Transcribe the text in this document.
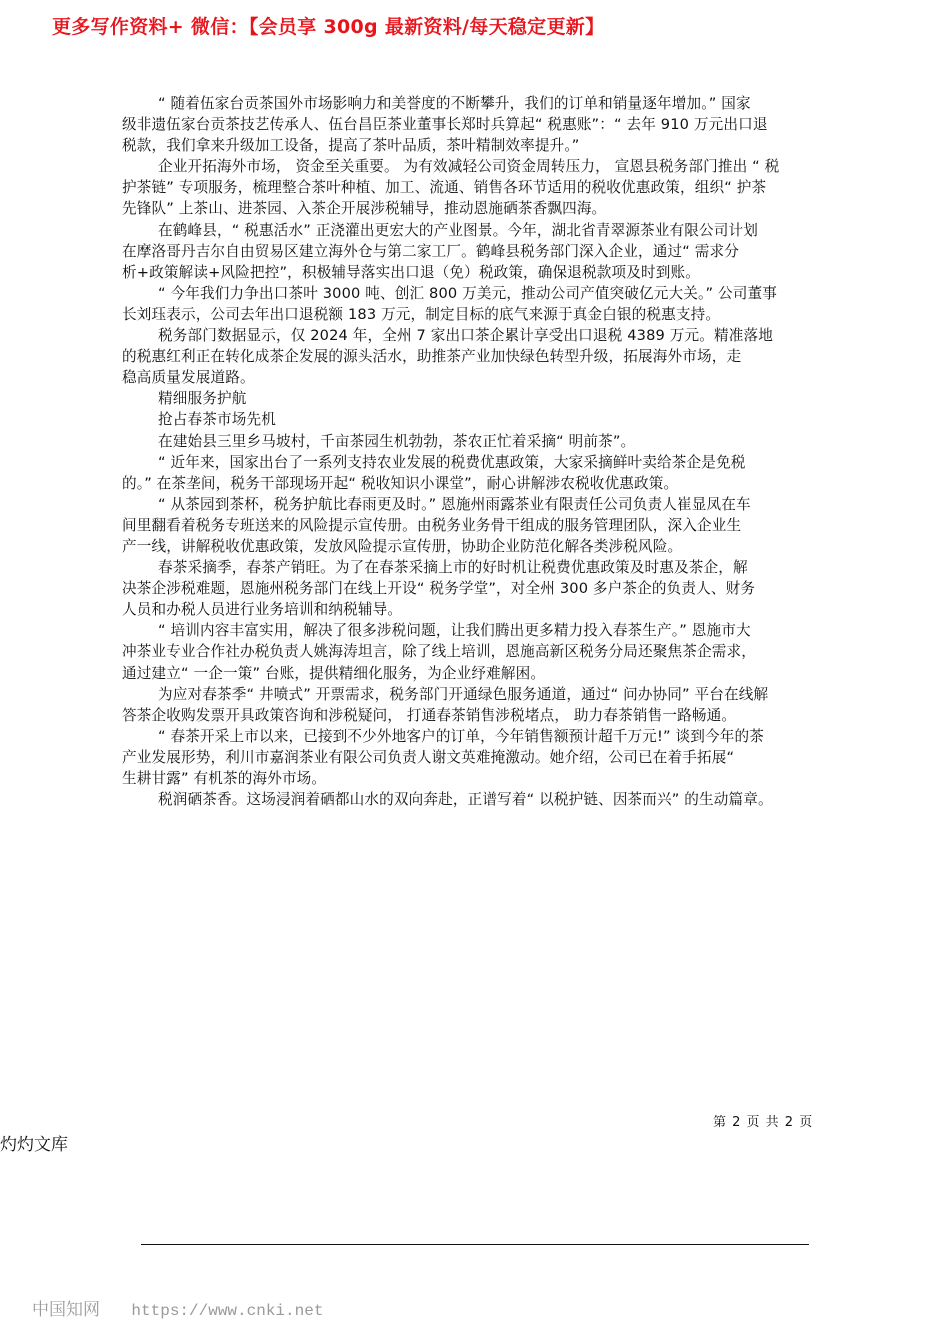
更多写作资料+ 微信：【会员享 300g 最新资料/每天稳定更新】
“ 随着伍家台贡茶国外市场影响力和美誉度的不断攀升，我们的订单和销量逐年增加。” 国家
级非遗伍家台贡茶技艺传承人、伍台昌臣茶业董事长郑时兵算起“ 税惠账”：“ 去年 910 万元出口退
税款，我们拿来升级加工设备，提高了茶叶品质，茶叶精制效率提升。”
企业开拓海外市场， 资金至关重要。 为有效减轻公司资金周转压力， 宣恩县税务部门推出 “ 税
护茶链” 专项服务，梳理整合茶叶种植、加工、流通、销售各环节适用的税收优惠政策，组织“ 护茶
先锋队” 上茶山、进茶园、入茶企开展涉税辅导，推动恩施硒茶香飘四海。
在鹤峰县，“ 税惠活水” 正浇灌出更宏大的产业图景。今年，湖北省青翠源茶业有限公司计划
在摩洛哥丹吉尔自由贸易区建立海外仓与第二家工厂。鹤峰县税务部门深入企业，通过“ 需求分
析+政策解读+风险把控”，积极辅导落实出口退（免）税政策，确保退税款项及时到账。
“ 今年我们力争出口茶叶 3000 吨、创汇 800 万美元，推动公司产值突破亿元大关。” 公司董事
长刘珏表示，公司去年出口退税额 183 万元，制定目标的底气来源于真金白银的税惠支持。
税务部门数据显示，仅 2024 年，全州 7 家出口茶企累计享受出口退税 4389 万元。精准落地
的税惠红利正在转化成茶企发展的源头活水，助推茶产业加快绿色转型升级，拓展海外市场，走
稳高质量发展道路。
精细服务护航
抢占春茶市场先机
在建始县三里乡马坡村，千亩茶园生机勃勃，茶农正忙着采摘“ 明前茶”。
“ 近年来，国家出台了一系列支持农业发展的税费优惠政策，大家采摘鲜叶卖给茶企是免税
的。” 在茶垄间，税务干部现场开起“ 税收知识小课堂”，耐心讲解涉农税收优惠政策。
“ 从茶园到茶杯，税务护航比春雨更及时。” 恩施州雨露茶业有限责任公司负责人崔显凤在车
间里翻看着税务专班送来的风险提示宣传册。由税务业务骨干组成的服务管理团队，深入企业生
产一线，讲解税收优惠政策，发放风险提示宣传册，协助企业防范化解各类涉税风险。
春茶采摘季，春茶产销旺。为了在春茶采摘上市的好时机让税费优惠政策及时惠及茶企，解
决茶企涉税难题，恩施州税务部门在线上开设“ 税务学堂”，对全州 300 多户茶企的负责人、财务
人员和办税人员进行业务培训和纳税辅导。
“ 培训内容丰富实用，解决了很多涉税问题，让我们腾出更多精力投入春茶生产。” 恩施市大
冲茶业专业合作社办税负责人姚海涛坦言，除了线上培训，恩施高新区税务分局还聚焦茶企需求，
通过建立“ 一企一策” 台账，提供精细化服务，为企业纾难解困。
为应对春茶季“ 井喷式” 开票需求，税务部门开通绿色服务通道，通过“ 问办协同” 平台在线解
答茶企收购发票开具政策咨询和涉税疑问， 打通春茶销售涉税堵点， 助力春茶销售一路畅通。
“ 春茶开采上市以来，已接到不少外地客户的订单，今年销售额预计超千万元!” 谈到今年的茶
产业发展形势，利川市嘉润茶业有限公司负责人谢文英难掩激动。她介绍，公司已在着手拓展“
生耕甘露” 有机茶的海外市场。
税润硒茶香。这场浸润着硒都山水的双向奔赴，正谱写着“ 以税护链、因茶而兴” 的生动篇章。
第 2 页 共 2 页
灼灼文库
中国知网 https://www.cnki.net
